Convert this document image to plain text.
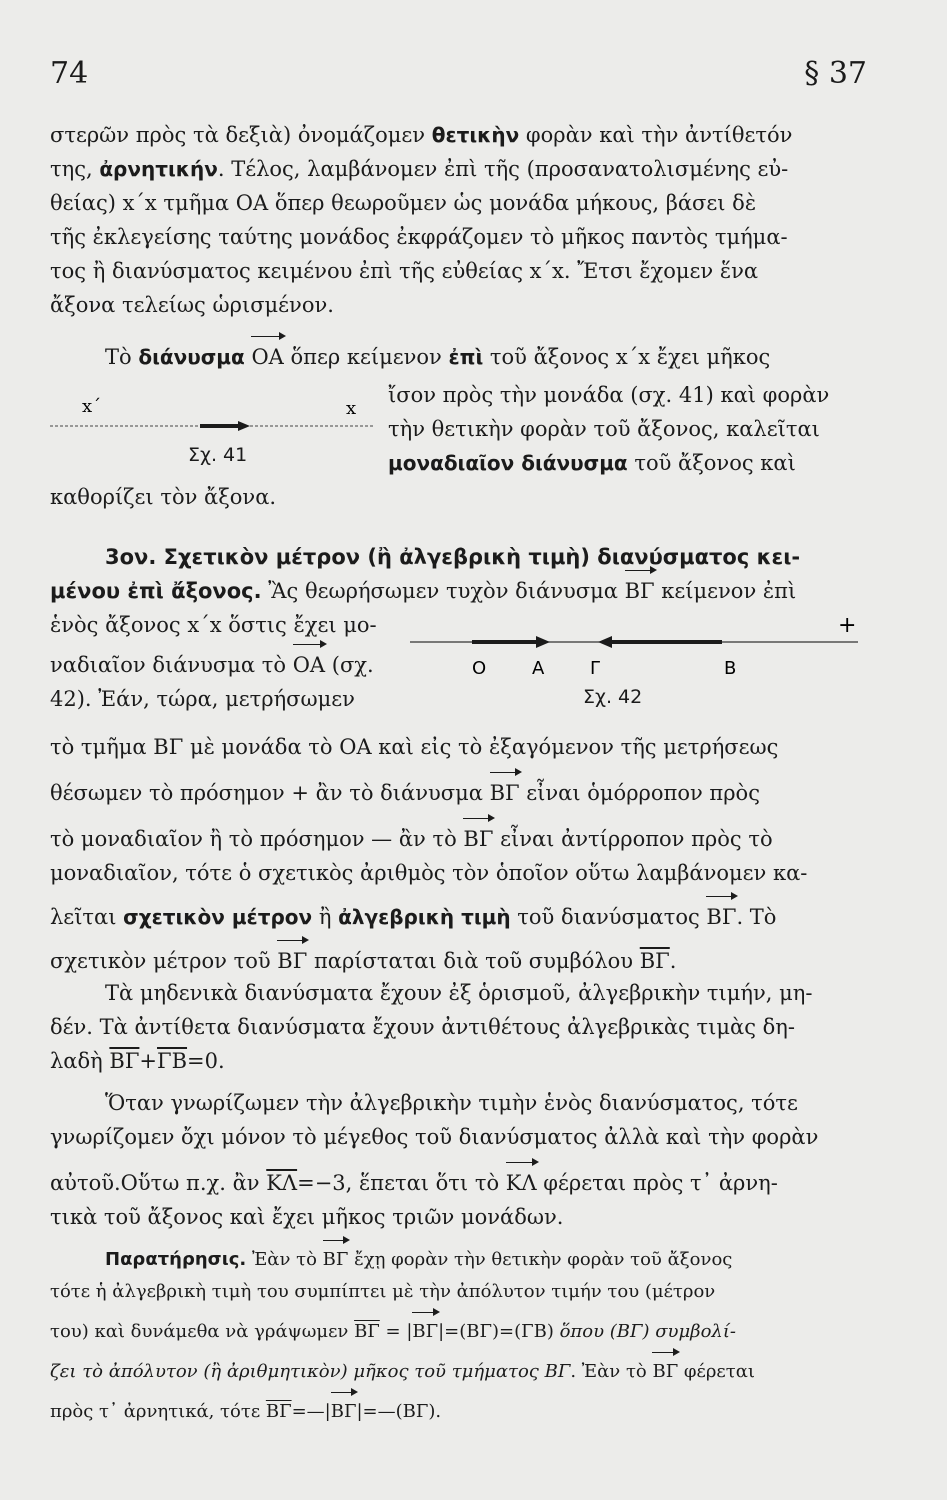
74	§ 37
στερῶν πρὸς τὰ δεξιὰ) ὀνομάζομεν θετικὴν φορὰν καὶ τὴν ἀντίθετόν
της, ἀρνητικήν. Τέλος, λαμβάνομεν ἐπὶ τῆς (προσανατολισμένης εὐ-
θείας) x΄x τμῆμα ΟΑ ὅπερ θεωροῦμεν ὡς μονάδα μήκους, βάσει δὲ
τῆς ἐκλεγείσης ταύτης μονάδος ἐκφράζομεν τὸ μῆκος παντὸς τμήμα-
τος ἢ διανύσματος κειμένου ἐπὶ τῆς εὐθείας x΄x. Ἔτσι ἔχομεν ἕνα
ἄξονα τελείως ὡρισμένον.
Τὸ διάνυσμα ΟΑ ὅπερ κείμενον ἐπὶ τοῦ ἄξονος x΄x ἔχει μῆκος
ἴσον πρὸς τὴν μονάδα (σχ. 41) καὶ φορὰν
τὴν θετικὴν φορὰν τοῦ ἄξονος, καλεῖται
μοναδιαῖον διάνυσμα τοῦ ἄξονος καὶ
καθορίζει τὸν ἄξονα.
x΄	x
Σχ. 41
3ον. Σχετικὸν μέτρον (ἢ ἀλγεβρικὴ τιμὴ) διανύσματος κει-
μένου ἐπὶ ἄξονος. Ἂς θεωρήσωμεν τυχὸν διάνυσμα ΒΓ κείμενον ἐπὶ
ἑνὸς ἄξονος x΄x ὅστις ἔχει μο-
ναδιαῖον διάνυσμα τὸ ΟΑ (σχ.
42). Ἐάν, τώρα, μετρήσωμεν
+
Ο	Α	Γ	Β
Σχ. 42
τὸ τμῆμα ΒΓ μὲ μονάδα τὸ ΟΑ καὶ εἰς τὸ ἐξαγόμενον τῆς μετρήσεως
θέσωμεν τὸ πρόσημον + ἂν τὸ διάνυσμα ΒΓ εἶναι ὁμόρροπον πρὸς
τὸ μοναδιαῖον ἢ τὸ πρόσημον — ἂν τὸ ΒΓ εἶναι ἀντίρροπον πρὸς τὸ
μοναδιαῖον, τότε ὁ σχετικὸς ἀριθμὸς τὸν ὁποῖον οὕτω λαμβάνομεν κα-
λεῖται σχετικὸν μέτρον ἢ ἀλγεβρικὴ τιμὴ τοῦ διανύσματος ΒΓ. Τὸ
σχετικὸν μέτρον τοῦ ΒΓ παρίσταται διὰ τοῦ συμβόλου $\overline{B\Gamma}$.
Τὰ μηδενικὰ διανύσματα ἔχουν ἐξ ὁρισμοῦ, ἀλγεβρικὴν τιμήν, μη-
δέν. Τὰ ἀντίθετα διανύσματα ἔχουν ἀντιθέτους ἀλγεβρικὰς τιμὰς δη-
λαδὴ $\overline{B\Gamma}+\overline{\Gamma B}=0$.
Ὅταν γνωρίζωμεν τὴν ἀλγεβρικὴν τιμὴν ἑνὸς διανύσματος, τότε
γνωρίζομεν ὄχι μόνον τὸ μέγεθος τοῦ διανύσματος ἀλλὰ καὶ τὴν φορὰν
αὐτοῦ.Οὕτω π.χ. ἂν $\overline{K\Lambda}=-3$, ἕπεται ὅτι τὸ ΚΛ φέρεται πρὸς τ᾽ ἀρνη-
τικὰ τοῦ ἄξονος καὶ ἔχει μῆκος τριῶν μονάδων.
Παρατήρησις. Ἐὰν τὸ ΒΓ ἔχῃ φορὰν τὴν θετικὴν φορὰν τοῦ ἄξονος
τότε ἡ ἀλγεβρικὴ τιμὴ του συμπίπτει μὲ τὴν ἀπόλυτον τιμήν του (μέτρον
του) καὶ δυνάμεθα νὰ γράψωμεν $\overline{B\Gamma} = |B\Gamma|=(B\Gamma)=(\Gamma B)$ ὅπου (ΒΓ) συμβολί-
ζει τὸ ἀπόλυτον (ἢ ἀριθμητικὸν) μῆκος τοῦ τμήματος ΒΓ. Ἐὰν τὸ ΒΓ φέρεται
πρὸς τ᾽ ἀρνητικά, τότε $\overline{B\Gamma}=—|B\Gamma|=—(B\Gamma)$.
